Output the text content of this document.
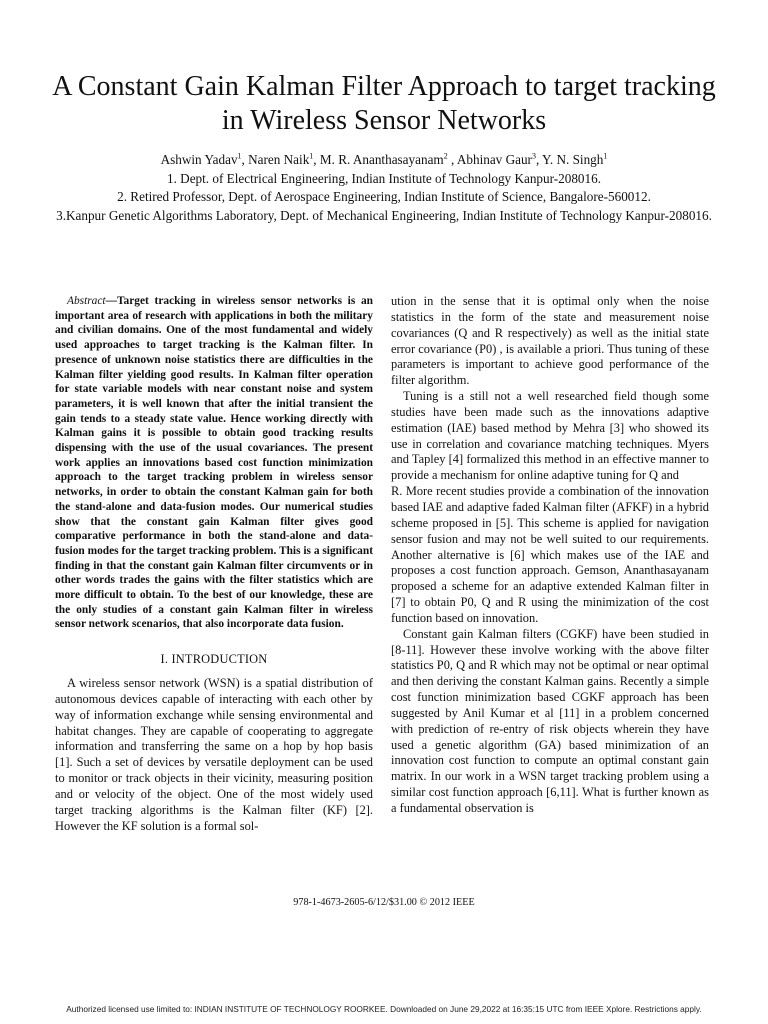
A Constant Gain Kalman Filter Approach to target tracking in Wireless Sensor Networks
Ashwin Yadav$^1$, Naren Naik$^1$, M. R. Ananthasayanam$^2$ , Abhinav Gaur$^3$, Y. N. Singh$^1$
1. Dept. of Electrical Engineering, Indian Institute of Technology Kanpur-208016.
2. Retired Professor, Dept. of Aerospace Engineering, Indian Institute of Science, Bangalore-560012.
3.Kanpur Genetic Algorithms Laboratory, Dept. of Mechanical Engineering, Indian Institute of Technology Kanpur-208016.

Abstract—Target tracking in wireless sensor networks is an important area of research with applications in both the military and civilian domains. One of the most fundamental and widely used approaches to target tracking is the Kalman filter. In presence of unknown noise statistics there are difficulties in the Kalman filter yielding good results. In Kalman filter operation for state variable models with near constant noise and system parameters, it is well known that after the initial transient the gain tends to a steady state value. Hence working directly with Kalman gains it is possible to obtain good tracking results dispensing with the use of the usual covariances. The present work applies an innovations based cost function minimization approach to the target tracking problem in wireless sensor networks, in order to obtain the constant Kalman gain for both the stand-alone and data-fusion modes. Our numerical studies show that the constant gain Kalman filter gives good comparative performance in both the stand-alone and data-fusion modes for the target tracking problem. This is a significant finding in that the constant gain Kalman filter circumvents or in other words trades the gains with the filter statistics which are more difficult to obtain. To the best of our knowledge, these are the only studies of a constant gain Kalman filter in wireless sensor network scenarios, that also incorporate data fusion.

I. INTRODUCTION

A wireless sensor network (WSN) is a spatial distribution of autonomous devices capable of interacting with each other by way of information exchange while sensing environmental and habitat changes. They are capable of cooperating to aggregate information and transferring the same on a hop by hop basis [1]. Such a set of devices by versatile deployment can be used to monitor or track objects in their vicinity, measuring position and or velocity of the object. One of the most widely used target tracking algorithms is the Kalman filter (KF) [2]. However the KF solution is a formal sol-

ution in the sense that it is optimal only when the noise statistics in the form of the state and measurement noise covariances (Q and R respectively) as well as the initial state error covariance (P0) , is available a priori. Thus tuning of these parameters is important to achieve good performance of the filter algorithm.

Tuning is a still not a well researched field though some studies have been made such as the innovations adaptive estimation (IAE) based method by Mehra [3] who showed its use in correlation and covariance matching techniques. Myers and Tapley [4] formalized this method in an effective manner to provide a mechanism for online adaptive tuning for Q and

R. More recent studies provide a combination of the innovation based IAE and adaptive faded Kalman filter (AFKF) in a hybrid scheme proposed in [5]. This scheme is applied for navigation sensor fusion and may not be well suited to our requirements. Another alternative is [6] which makes use of the IAE and proposes a cost function approach. Gemson, Ananthasayanam proposed a scheme for an adaptive extended Kalman filter in [7] to obtain P0, Q and R using the minimization of the cost function based on innovation.

Constant gain Kalman filters (CGKF) have been studied in [8-11]. However these involve working with the above filter statistics P0, Q and R which may not be optimal or near optimal and then deriving the constant Kalman gains. Recently a simple cost function minimization based CGKF approach has been suggested by Anil Kumar et al [11] in a problem concerned with prediction of re-entry of risk objects wherein they have used a genetic algorithm (GA) based minimization of an innovation cost function to compute an optimal constant gain matrix. In our work in a WSN target tracking problem using a similar cost function approach [6,11]. What is further known as a fundamental observation is

978-1-4673-2605-6/12/$31.00 © 2012 IEEE
Authorized licensed use limited to: INDIAN INSTITUTE OF TECHNOLOGY ROORKEE. Downloaded on June 29,2022 at 16:35:15 UTC from IEEE Xplore. Restrictions apply.
